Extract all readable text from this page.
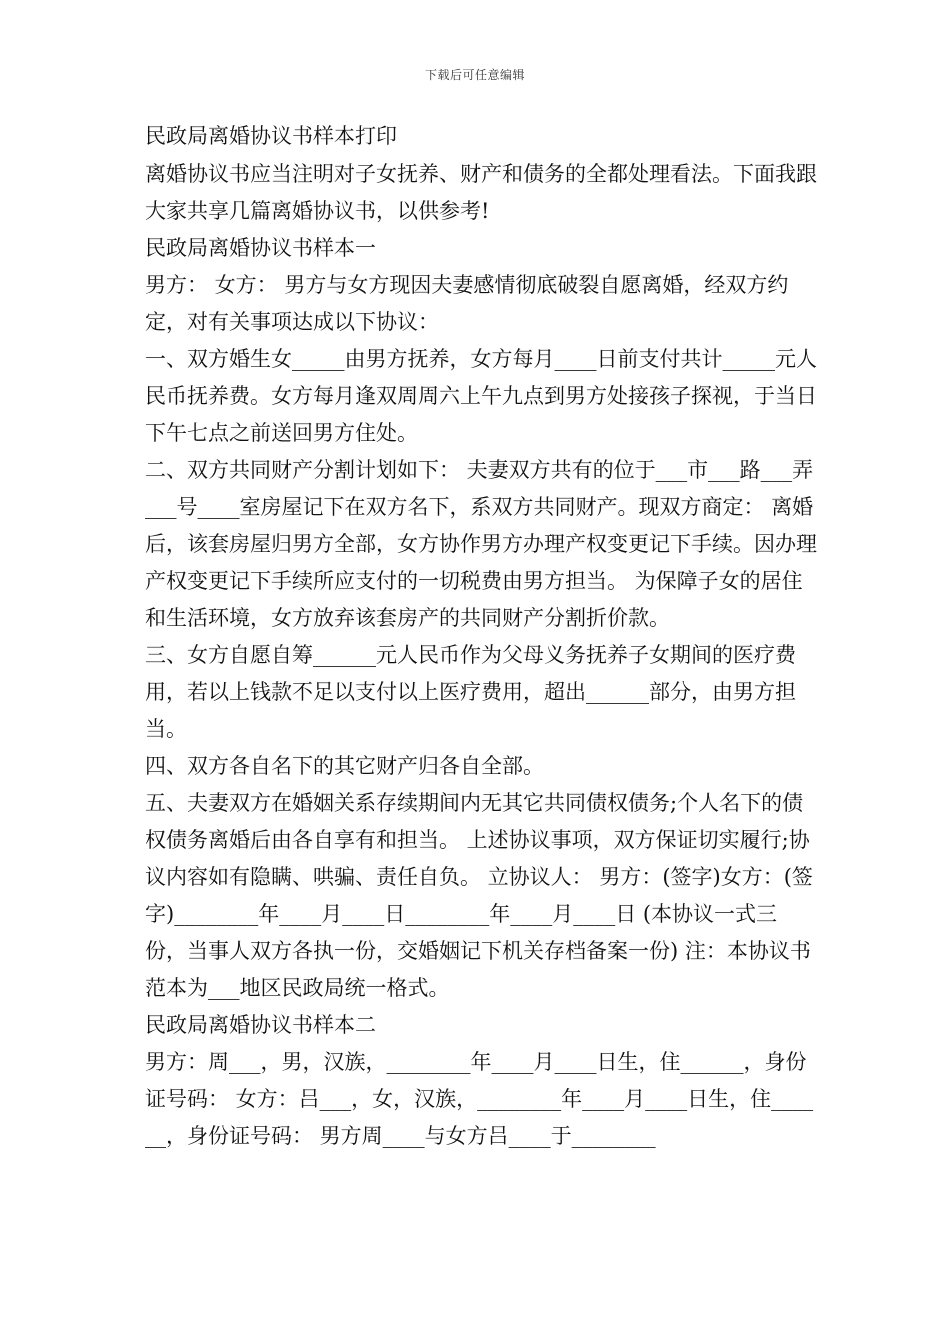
下载后可任意编辑

民政局离婚协议书样本打印

离婚协议书应当注明对子女抚养、财产和债务的全都处理看法。下面我跟大家共享几篇离婚协议书，以供参考!

民政局离婚协议书样本一

男方： 女方： 男方与女方现因夫妻感情彻底破裂自愿离婚，经双方约定，对有关事项达成以下协议：

一、双方婚生女_____由男方抚养，女方每月____日前支付共计_____元人民币抚养费。女方每月逢双周周六上午九点到男方处接孩子探视，于当日下午七点之前送回男方住处。

二、双方共同财产分割计划如下： 夫妻双方共有的位于___市___路___弄___号____室房屋记下在双方名下，系双方共同财产。现双方商定： 离婚后，该套房屋归男方全部，女方协作男方办理产权变更记下手续。因办理产权变更记下手续所应支付的一切税费由男方担当。 为保障子女的居住和生活环境，女方放弃该套房产的共同财产分割折价款。

三、女方自愿自筹______元人民币作为父母义务抚养子女期间的医疗费用，若以上钱款不足以支付以上医疗费用，超出______部分，由男方担当。

四、双方各自名下的其它财产归各自全部。

五、夫妻双方在婚姻关系存续期间内无其它共同债权债务;个人名下的债权债务离婚后由各自享有和担当。 上述协议事项，双方保证切实履行;协议内容如有隐瞒、哄骗、责任自负。 立协议人： 男方：(签字)女方：(签字)________年____月____日________年____月____日 (本协议一式三份，当事人双方各执一份，交婚姻记下机关存档备案一份) 注：本协议书范本为___地区民政局统一格式。

民政局离婚协议书样本二

男方：周___，男，汉族，________年____月____日生，住______，身份证号码： 女方：吕___，女，汉族，________年____月____日生，住______，身份证号码： 男方周____与女方吕____于________
